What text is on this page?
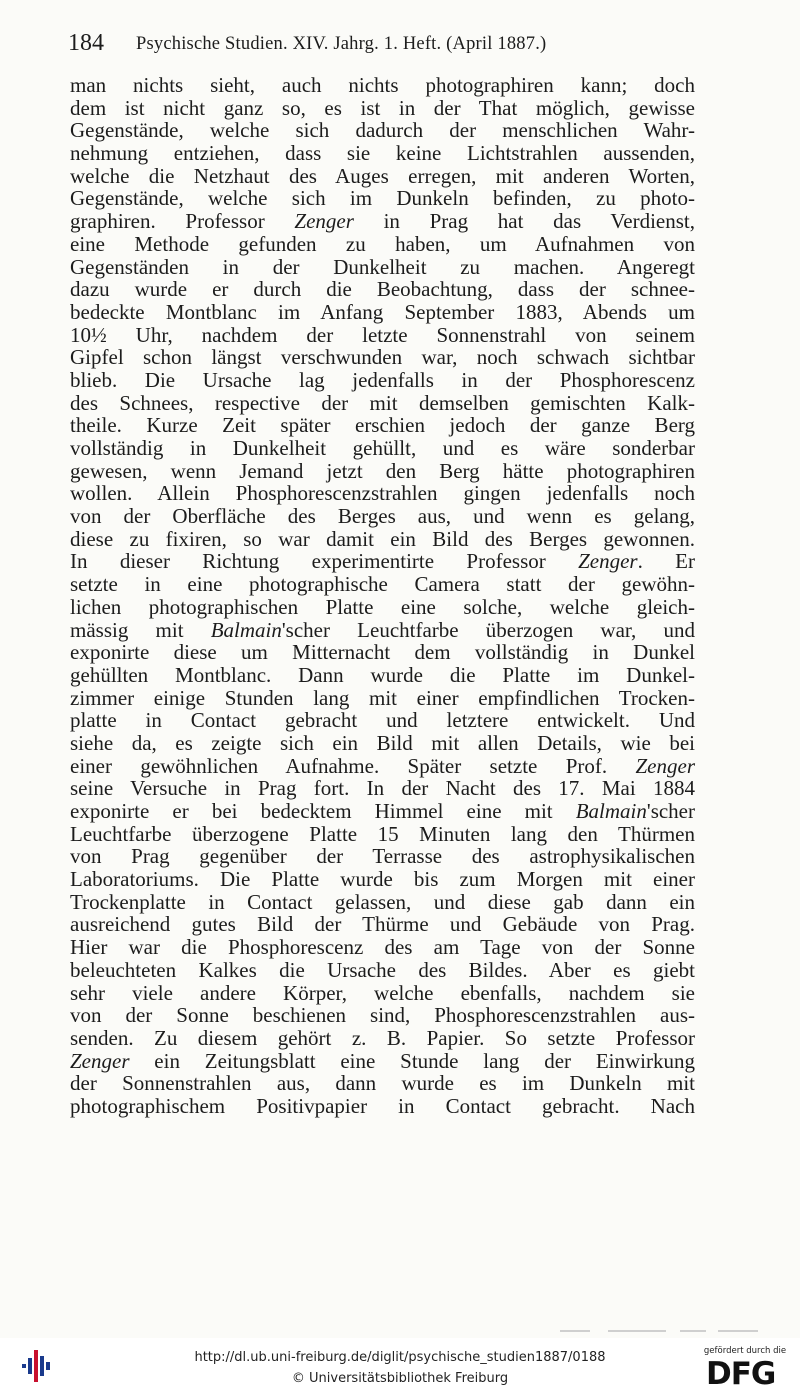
184 Psychische Studien. XIV. Jahrg. 1. Heft. (April 1887.)
man nichts sieht, auch nichts photographiren kann; doch
dem ist nicht ganz so, es ist in der That möglich, gewisse
Gegenstände, welche sich dadurch der menschlichen Wahr-
nehmung entziehen, dass sie keine Lichtstrahlen aussenden,
welche die Netzhaut des Auges erregen, mit anderen Worten,
Gegenstände, welche sich im Dunkeln befinden, zu photo-
graphiren. Professor Zenger in Prag hat das Verdienst,
eine Methode gefunden zu haben, um Aufnahmen von
Gegenständen in der Dunkelheit zu machen. Angeregt
dazu wurde er durch die Beobachtung, dass der schnee-
bedeckte Montblanc im Anfang September 1883, Abends um
10½ Uhr, nachdem der letzte Sonnenstrahl von seinem
Gipfel schon längst verschwunden war, noch schwach sichtbar
blieb. Die Ursache lag jedenfalls in der Phosphorescenz
des Schnees, respective der mit demselben gemischten Kalk-
theile. Kurze Zeit später erschien jedoch der ganze Berg
vollständig in Dunkelheit gehüllt, und es wäre sonderbar
gewesen, wenn Jemand jetzt den Berg hätte photographiren
wollen. Allein Phosphorescenzstrahlen gingen jedenfalls noch
von der Oberfläche des Berges aus, und wenn es gelang,
diese zu fixiren, so war damit ein Bild des Berges gewonnen.
In dieser Richtung experimentirte Professor Zenger. Er
setzte in eine photographische Camera statt der gewöhn-
lichen photographischen Platte eine solche, welche gleich-
mässig mit Balmain'scher Leuchtfarbe überzogen war, und
exponirte diese um Mitternacht dem vollständig in Dunkel
gehüllten Montblanc. Dann wurde die Platte im Dunkel-
zimmer einige Stunden lang mit einer empfindlichen Trocken-
platte in Contact gebracht und letztere entwickelt. Und
siehe da, es zeigte sich ein Bild mit allen Details, wie bei
einer gewöhnlichen Aufnahme. Später setzte Prof. Zenger
seine Versuche in Prag fort. In der Nacht des 17. Mai 1884
exponirte er bei bedecktem Himmel eine mit Balmain'scher
Leuchtfarbe überzogene Platte 15 Minuten lang den Thürmen
von Prag gegenüber der Terrasse des astrophysikalischen
Laboratoriums. Die Platte wurde bis zum Morgen mit einer
Trockenplatte in Contact gelassen, und diese gab dann ein
ausreichend gutes Bild der Thürme und Gebäude von Prag.
Hier war die Phosphorescenz des am Tage von der Sonne
beleuchteten Kalkes die Ursache des Bildes. Aber es giebt
sehr viele andere Körper, welche ebenfalls, nachdem sie
von der Sonne beschienen sind, Phosphorescenzstrahlen aus-
senden. Zu diesem gehört z. B. Papier. So setzte Professor
Zenger ein Zeitungsblatt eine Stunde lang der Einwirkung
der Sonnenstrahlen aus, dann wurde es im Dunkeln mit
photographischem Positivpapier in Contact gebracht. Nach
http://dl.ub.uni-freiburg.de/diglit/psychische_studien1887/0188
© Universitätsbibliothek Freiburg
gefördert durch die
DFG
